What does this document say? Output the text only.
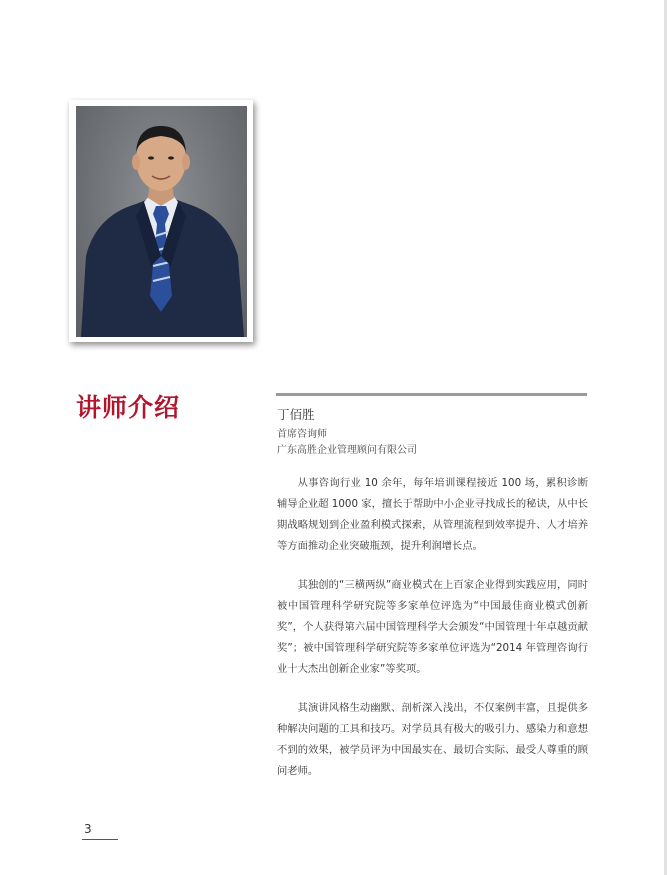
讲师介绍	丁佰胜
首席咨询师
广东高胜企业管理顾问有限公司

从事咨询行业 10 余年，每年培训课程接近 100 场，累积诊断辅导企业超 1000 家，擅长于帮助中小企业寻找成长的秘诀，从中长期战略规划到企业盈利模式探索，从管理流程到效率提升、人才培养等方面推动企业突破瓶颈，提升利润增长点。

其独创的“三横两纵”商业模式在上百家企业得到实践应用，同时被中国管理科学研究院等多家单位评选为“中国最佳商业模式创新奖”，个人获得第六届中国管理科学大会颁发“中国管理十年卓越贡献奖”；被中国管理科学研究院等多家单位评选为“2014 年管理咨询行业十大杰出创新企业家”等奖项。

其演讲风格生动幽默、剖析深入浅出，不仅案例丰富，且提供多种解决问题的工具和技巧。对学员具有极大的吸引力、感染力和意想不到的效果，被学员评为中国最实在、最切合实际、最受人尊重的顾问老师。

3
